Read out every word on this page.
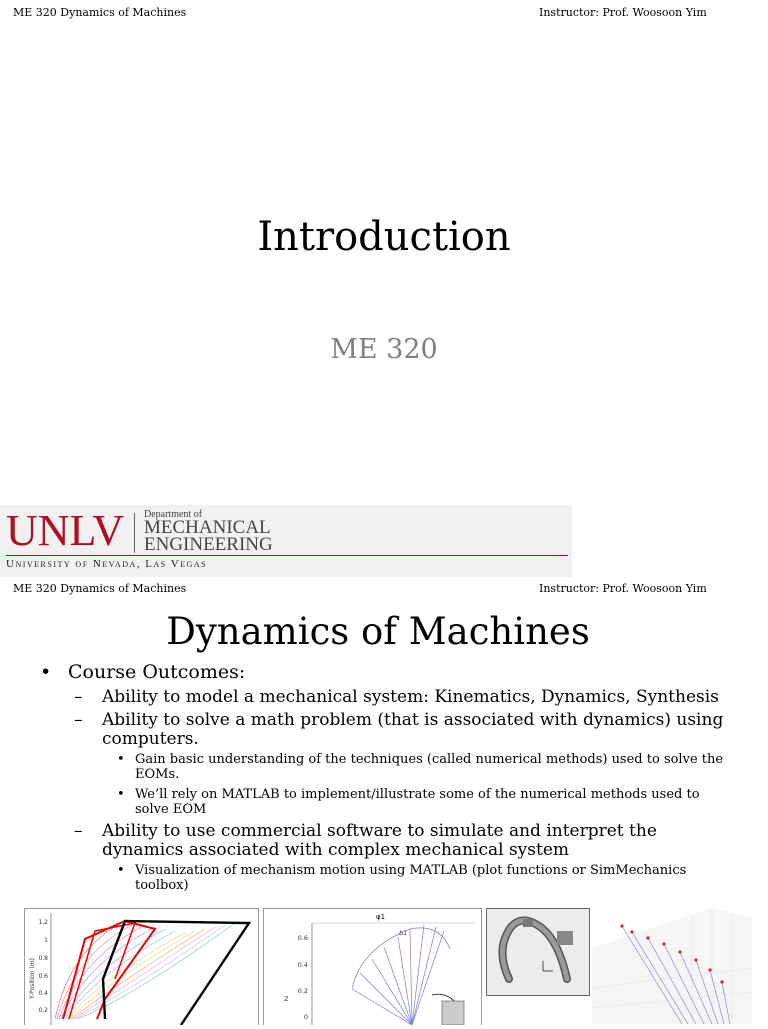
ME 320 Dynamics of Machines	Instructor: Prof. Woosoon Yim
Introduction
ME 320
UNLV Department of
MECHANICAL
ENGINEERING
University of Nevada, Las Vegas
ME 320 Dynamics of Machines	Instructor: Prof. Woosoon Yim
Dynamics of Machines
• Course Outcomes:
– Ability to model a mechanical system: Kinematics, Dynamics, Synthesis
– Ability to solve a math problem (that is associated with dynamics) using computers.
• Gain basic understanding of the techniques (called numerical methods) used to solve the EOMs.
• We’ll rely on MATLAB to implement/illustrate some of the numerical methods used to solve EOM
– Ability to use commercial software to simulate and interpret the dynamics associated with complex mechanical system
• Visualization of mechanism motion using MATLAB (plot functions or SimMechanics toolbox)
1.2
1
0.8
0.6
0.4
0.2
Y-Position (m)
φ1
0.6
0.4
0.2
0
Z
b1
